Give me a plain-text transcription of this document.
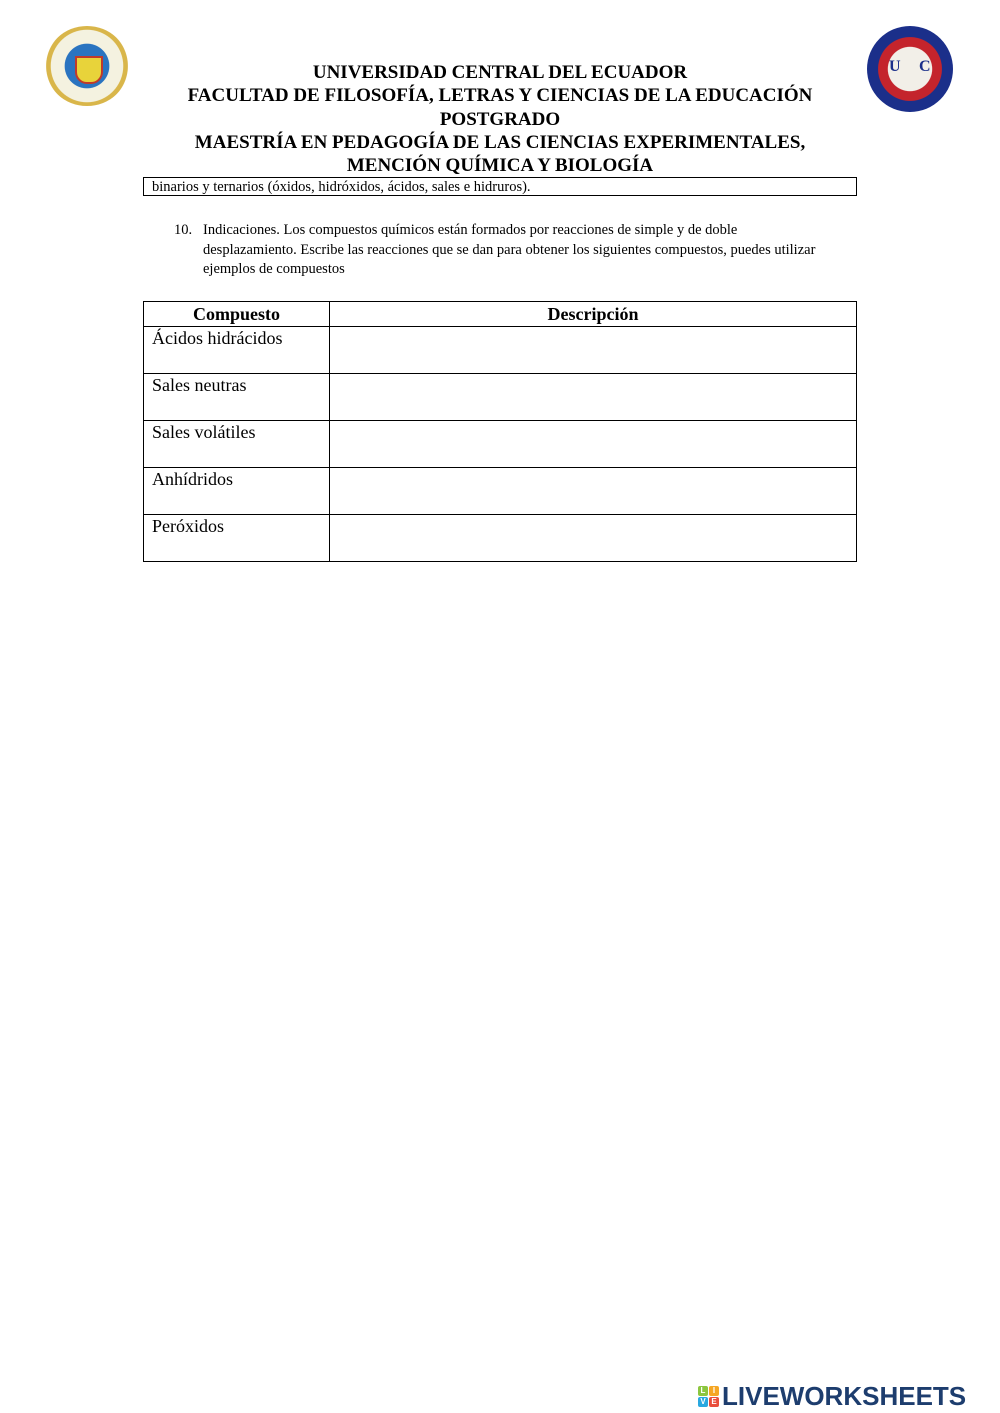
U C
UNIVERSIDAD CENTRAL DEL ECUADOR
FACULTAD DE FILOSOFÍA, LETRAS Y CIENCIAS DE LA EDUCACIÓN
POSTGRADO
MAESTRÍA EN PEDAGOGÍA DE LAS CIENCIAS EXPERIMENTALES,
MENCIÓN QUÍMICA Y BIOLOGÍA
binarios y ternarios (óxidos, hidróxidos, ácidos, sales e hidruros).
10. Indicaciones. Los compuestos químicos están formados por reacciones de simple y de doble desplazamiento. Escribe las reacciones que se dan para obtener los siguientes compuestos, puedes utilizar ejemplos de compuestos
Compuesto	Descripción
Ácidos hidrácidos	
Sales neutras	
Sales volátiles	
Anhídridos	
Peróxidos	
L I
V E LIVEWORKSHEETS
